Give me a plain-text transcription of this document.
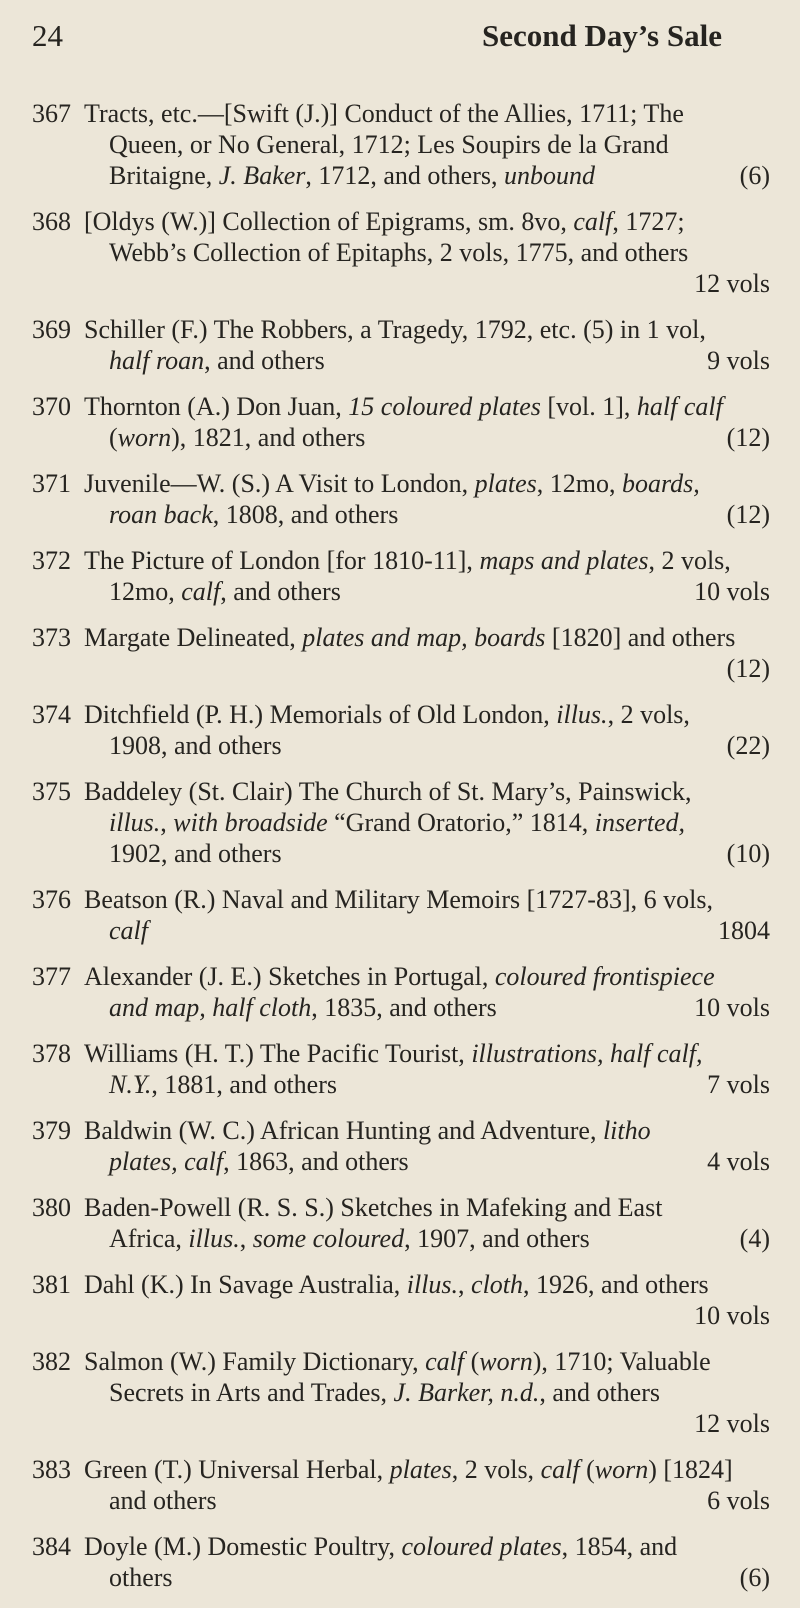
24	Second Day’s Sale
367 Tracts, etc.—[Swift (J.)] Conduct of the Allies, 1711; The
Queen, or No General, 1712; Les Soupirs de la Grand
Britaigne, J. Baker, 1712, and others, unbound	(6)
368 [Oldys (W.)] Collection of Epigrams, sm. 8vo, calf, 1727;
Webb’s Collection of Epitaphs, 2 vols, 1775, and others
12 vols
369 Schiller (F.) The Robbers, a Tragedy, 1792, etc. (5) in 1 vol,
half roan, and others	9 vols
370 Thornton (A.) Don Juan, 15 coloured plates [vol. 1], half calf
(worn), 1821, and others	(12)
371 Juvenile—W. (S.) A Visit to London, plates, 12mo, boards,
roan back, 1808, and others	(12)
372 The Picture of London [for 1810-11], maps and plates, 2 vols,
12mo, calf, and others	10 vols
373 Margate Delineated, plates and map, boards [1820] and others
(12)
374 Ditchfield (P. H.) Memorials of Old London, illus., 2 vols,
1908, and others	(22)
375 Baddeley (St. Clair) The Church of St. Mary’s, Painswick,
illus., with broadside “Grand Oratorio,” 1814, inserted,
1902, and others	(10)
376 Beatson (R.) Naval and Military Memoirs [1727-83], 6 vols,
calf	1804
377 Alexander (J. E.) Sketches in Portugal, coloured frontispiece
and map, half cloth, 1835, and others	10 vols
378 Williams (H. T.) The Pacific Tourist, illustrations, half calf,
N.Y., 1881, and others	7 vols
379 Baldwin (W. C.) African Hunting and Adventure, litho
plates, calf, 1863, and others	4 vols
380 Baden-Powell (R. S. S.) Sketches in Mafeking and East
Africa, illus., some coloured, 1907, and others	(4)
381 Dahl (K.) In Savage Australia, illus., cloth, 1926, and others
10 vols
382 Salmon (W.) Family Dictionary, calf (worn), 1710; Valuable
Secrets in Arts and Trades, J. Barker, n.d., and others
12 vols
383 Green (T.) Universal Herbal, plates, 2 vols, calf (worn) [1824]
and others	6 vols
384 Doyle (M.) Domestic Poultry, coloured plates, 1854, and
others	(6)
